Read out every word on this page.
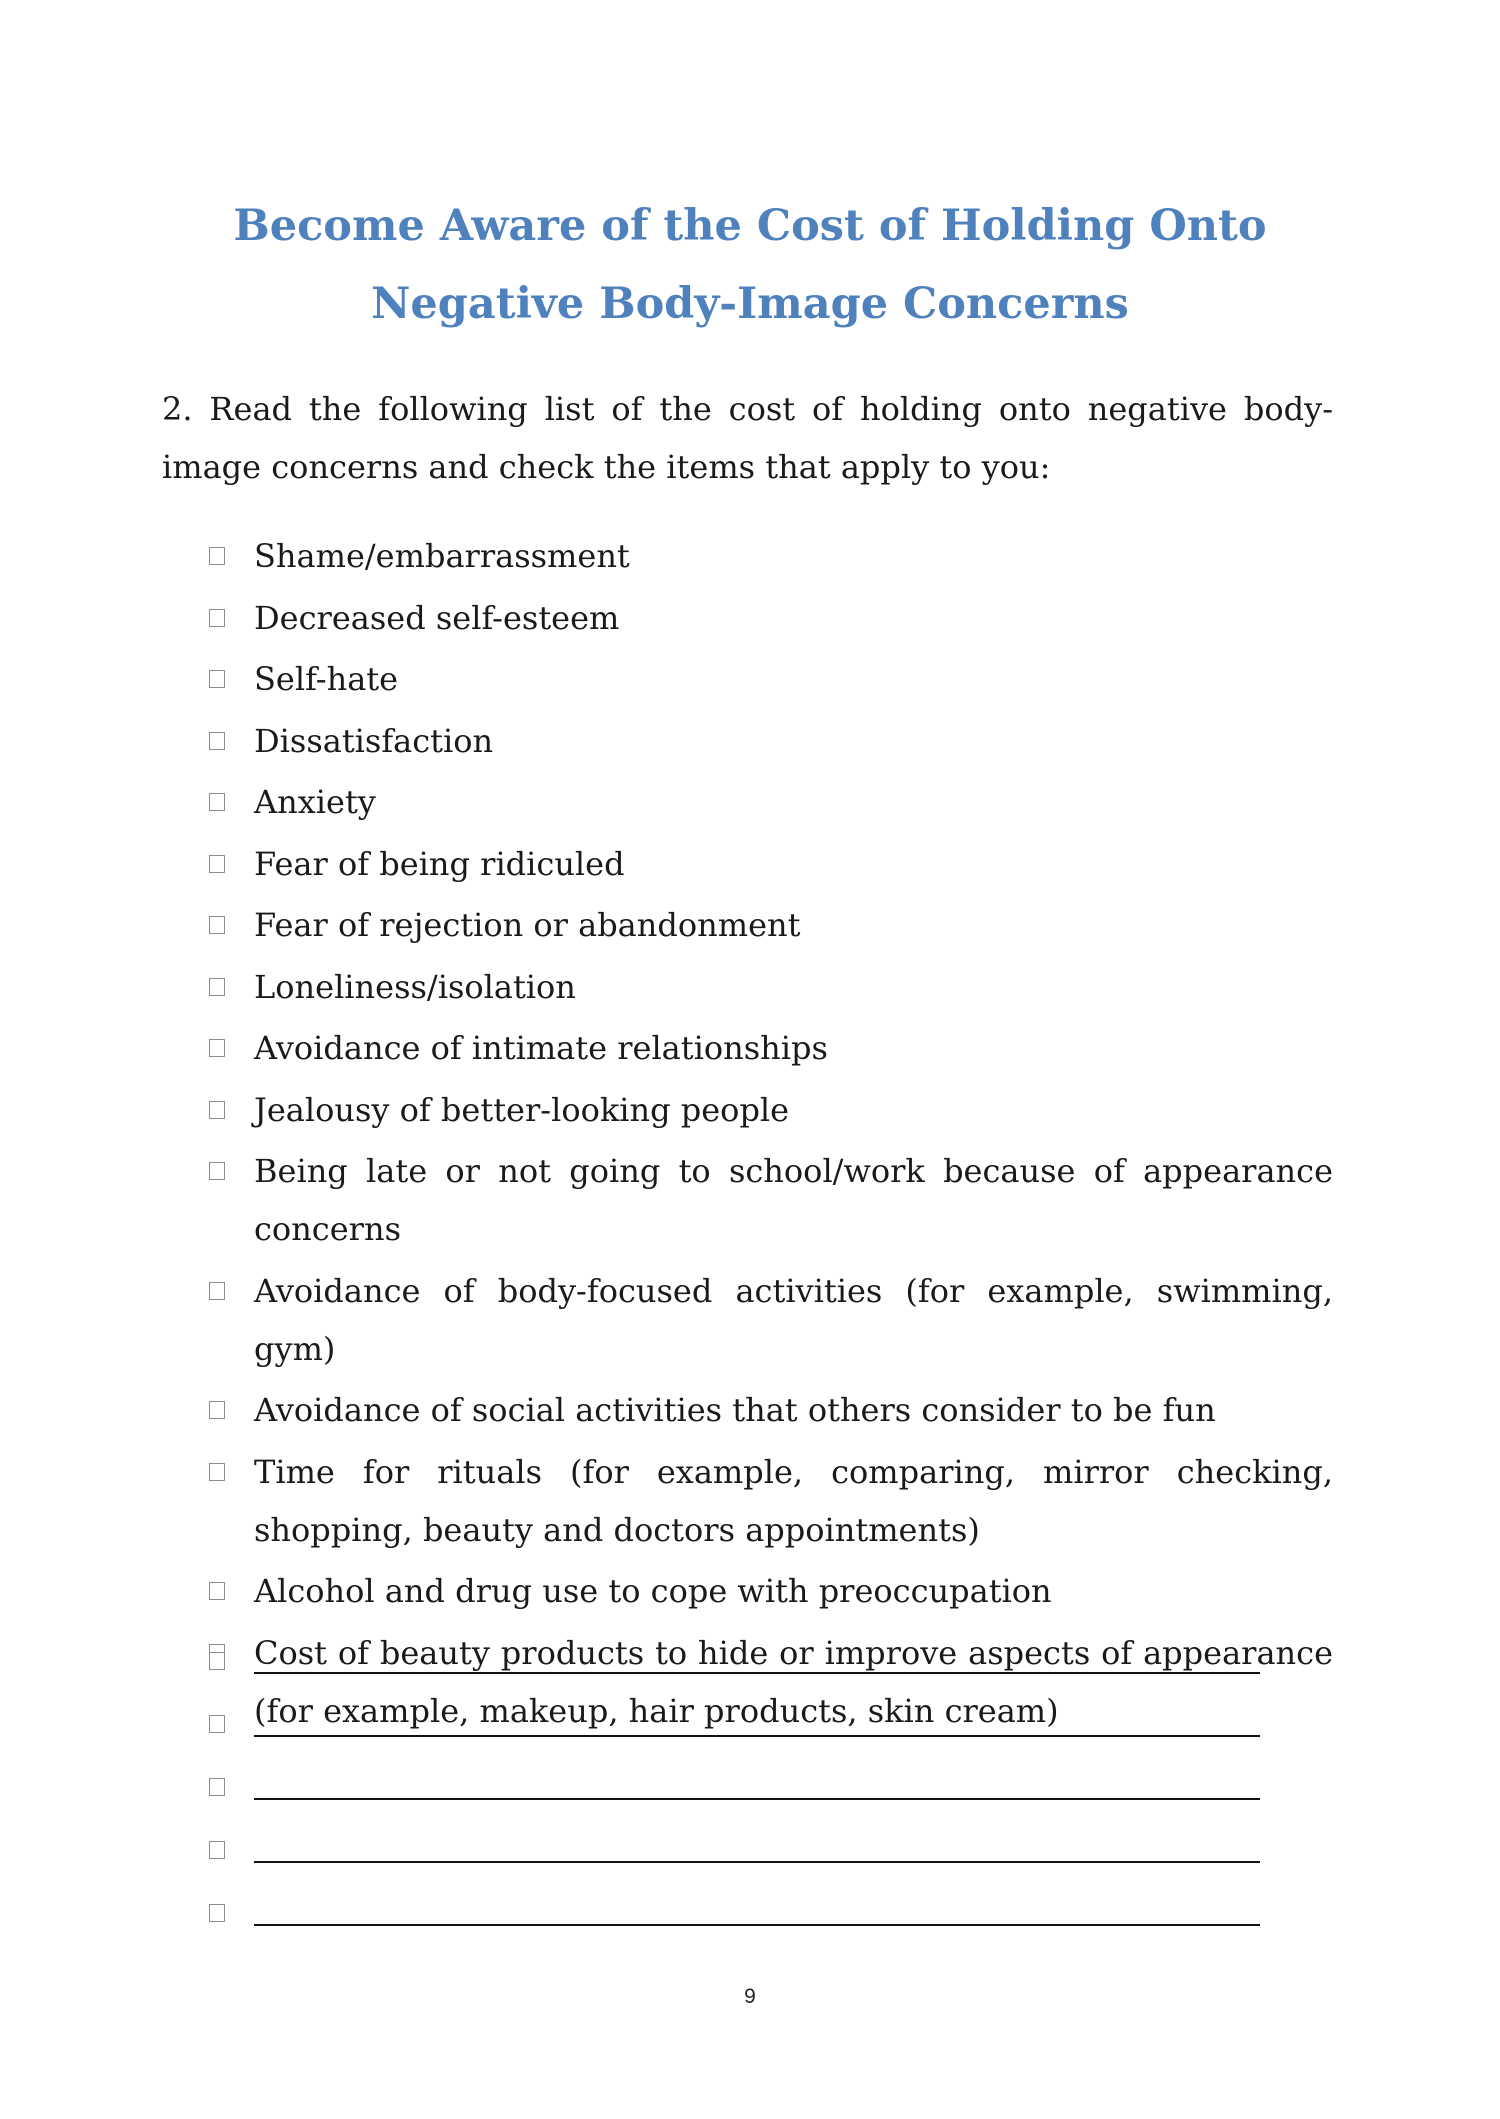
Become Aware of the Cost of Holding Onto
Negative Body-Image Concerns

2. Read the following list of the cost of holding onto negative body-image concerns and check the items that apply to you:

Shame/embarrassment
Decreased self-esteem
Self-hate
Dissatisfaction
Anxiety
Fear of being ridiculed
Fear of rejection or abandonment
Loneliness/isolation
Avoidance of intimate relationships
Jealousy of better-looking people
Being late or not going to school/work because of appearance concerns
Avoidance of body-focused activities (for example, swimming, gym)
Avoidance of social activities that others consider to be fun
Time for rituals (for example, comparing, mirror checking, shopping, beauty and doctors appointments)
Alcohol and drug use to cope with preoccupation
Cost of beauty products to hide or improve aspects of appearance (for example, makeup, hair products, skin cream)
9
